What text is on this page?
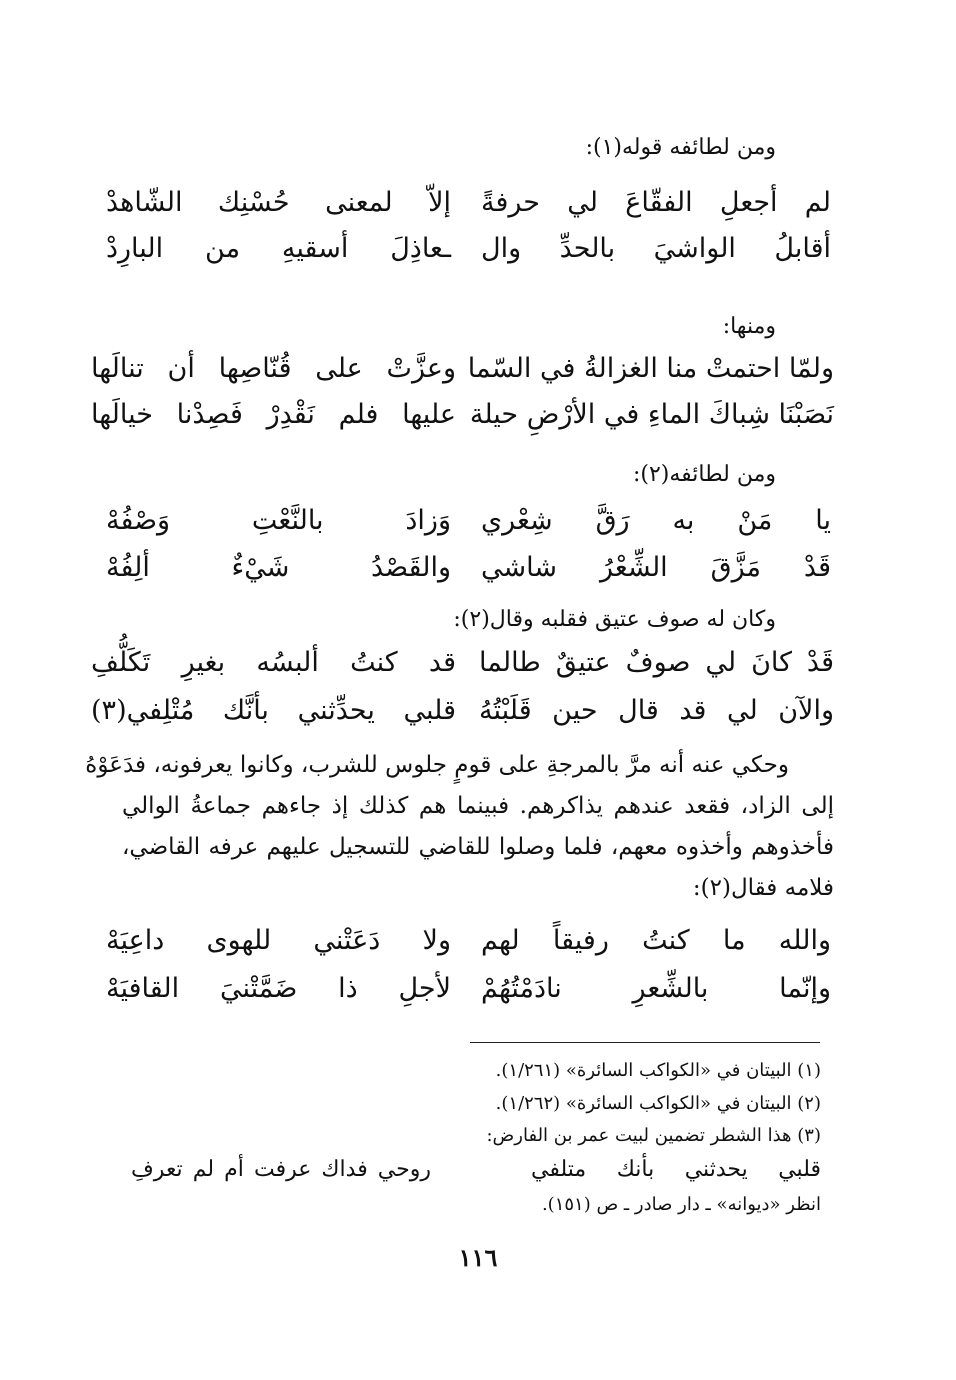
ومن لطائفه قوله(١):
لم أجعلِ الفقّاعَ لي حرفةً
إلاّ لمعنى حُسْنِك الشّاهدْ
أقابلُ الواشيَ بالحدِّ وال
ـعاذِلَ أسقيهِ من البارِدْ
ومنها:
ولمّا احتمتْ منا الغزالةُ في السّما
وعزَّتْ على قُنّاصِها أن تنالَها
نَصَبْنَا شِباكَ الماءِ في الأرْضِ حيلة
عليها فلم نَقْدِرْ فَصِدْنا خيالَها
ومن لطائفه(٢):
يا مَنْ به رَقَّ شِعْري
وَزادَ بالنَّعْتِ وَصْفُهْ
قَدْ مَزَّقَ الشِّعْرُ شاشي
والقَصْدُ شَيْءٌ ألِفُهْ
وكان له صوف عتيق فقلبه وقال(٢):
قَدْ كانَ لي صوفٌ عتيقٌ طالما
قد كنتُ ألبسُه بغيرِ تَكَلُّفِ
والآن لي قد قال حين قَلَبْتُهُ
قلبي يحدِّثني بأنَّك مُتْلِفي(٣)
وحكي عنه أنه مرَّ بالمرجةِ على قومٍ جلوس للشرب، وكانوا يعرفونه، فدَعَوْهُ
إلى الزاد، فقعد عندهم يذاكرهم. فبينما هم كذلك إذ جاءهم جماعةُ الوالي
فأخذوهم وأخذوه معهم، فلما وصلوا للقاضي للتسجيل عليهم عرفه القاضي،
فلامه فقال(٢):
والله ما كنتُ رفيقاً لهم
ولا دَعَتْني للهوى داعِيَهْ
وإنّما بالشِّعرِ نادَمْتُهُمْ
لأجلِ ذا ضَمَّتْنيَ القافيَهْ
(١) البيتان في «الكواكب السائرة» (١/٢٦١).
(٢) البيتان في «الكواكب السائرة» (١/٢٦٢).
(٣) هذا الشطر تضمين لبيت عمر بن الفارض:
قلبي يحدثني بأنك متلفي
روحي فداك عرفت أم لم تعرفِ
انظر «ديوانه» ـ دار صادر ـ ص (١٥١).
١١٦
